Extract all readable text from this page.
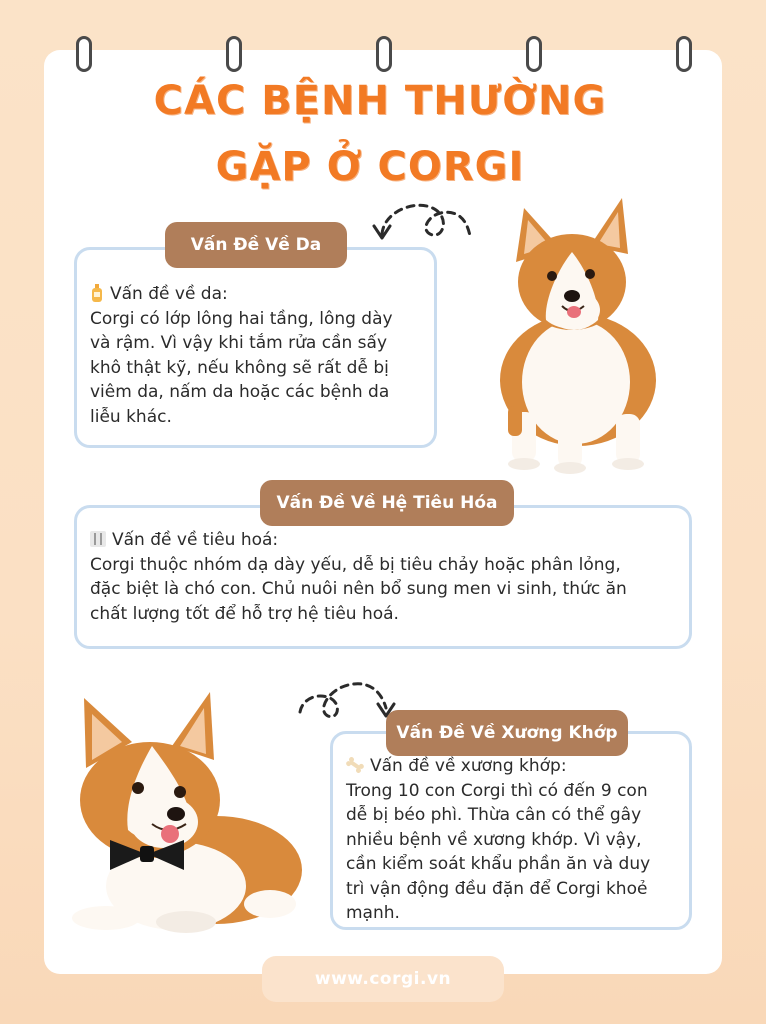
CÁC BỆNH THƯỜNG
GẶP Ở CORGI
Vấn Đề Về Da
Vấn đề về da:
Corgi có lớp lông hai tầng, lông dày
và rậm. Vì vậy khi tắm rửa cần sấy
khô thật kỹ, nếu không sẽ rất dễ bị
viêm da, nấm da hoặc các bệnh da
liễu khác.
Vấn Đề Về Hệ Tiêu Hóa
Vấn đề về tiêu hoá:
Corgi thuộc nhóm dạ dày yếu, dễ bị tiêu chảy hoặc phân lỏng,
đặc biệt là chó con. Chủ nuôi nên bổ sung men vi sinh, thức ăn
chất lượng tốt để hỗ trợ hệ tiêu hoá.
Vấn Đề Về Xương Khớp
Vấn đề về xương khớp:
Trong 10 con Corgi thì có đến 9 con
dễ bị béo phì. Thừa cân có thể gây
nhiều bệnh về xương khớp. Vì vậy,
cần kiểm soát khẩu phần ăn và duy
trì vận động đều đặn để Corgi khoẻ
mạnh.
www.corgi.vn
